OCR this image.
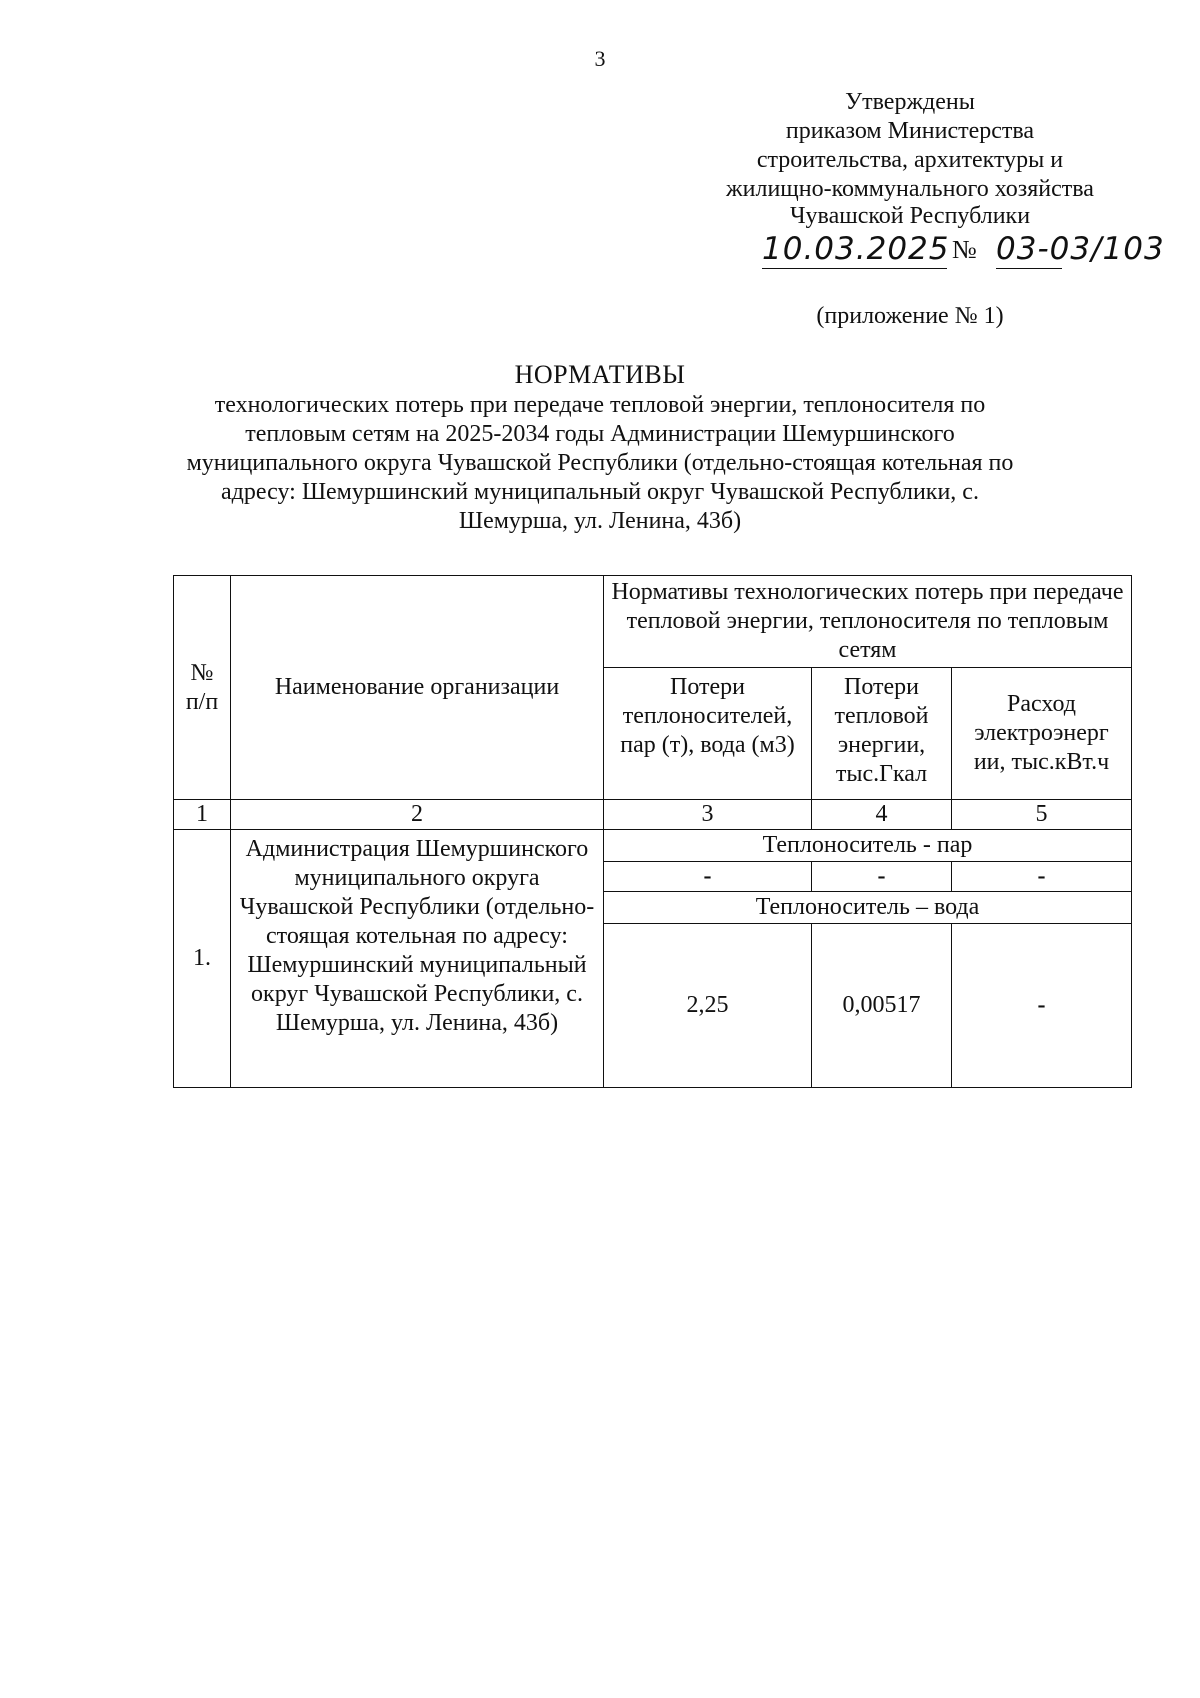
3
Утверждены
приказом Министерства
строительства, архитектуры и
жилищно-коммунального хозяйства
Чувашской Республики
10.03.2025 № 03-03/103
(приложение № 1)
НОРМАТИВЫ
технологических потерь при передаче тепловой энергии, теплоносителя по
тепловым сетям на 2025-2034 годы Администрации Шемуршинского
муниципального округа Чувашской Республики (отдельно-стоящая котельная по
адресу: Шемуршинский муниципальный округ Чувашской Республики, с.
Шемурша, ул. Ленина, 43б)
№ п/п	Наименование организации	Нормативы технологических потерь при передаче тепловой энергии, теплоносителя по тепловым сетям		
		Потери теплоносителей, пар (т), вода (м3)	Потери тепловой энергии, тыс.Гкал	Расход электроэнерг ии, тыс.кВт.ч
1	2	3	4	5
1.	Администрация Шемуршинского муниципального округа Чувашской Республики (отдельно-стоящая котельная по адресу: Шемуршинский муниципальный округ Чувашской Республики, с. Шемурша, ул. Ленина, 43б)	Теплоноситель - пар		
		-	-	-
		Теплоноситель – вода		
		2,25	0,00517	-
